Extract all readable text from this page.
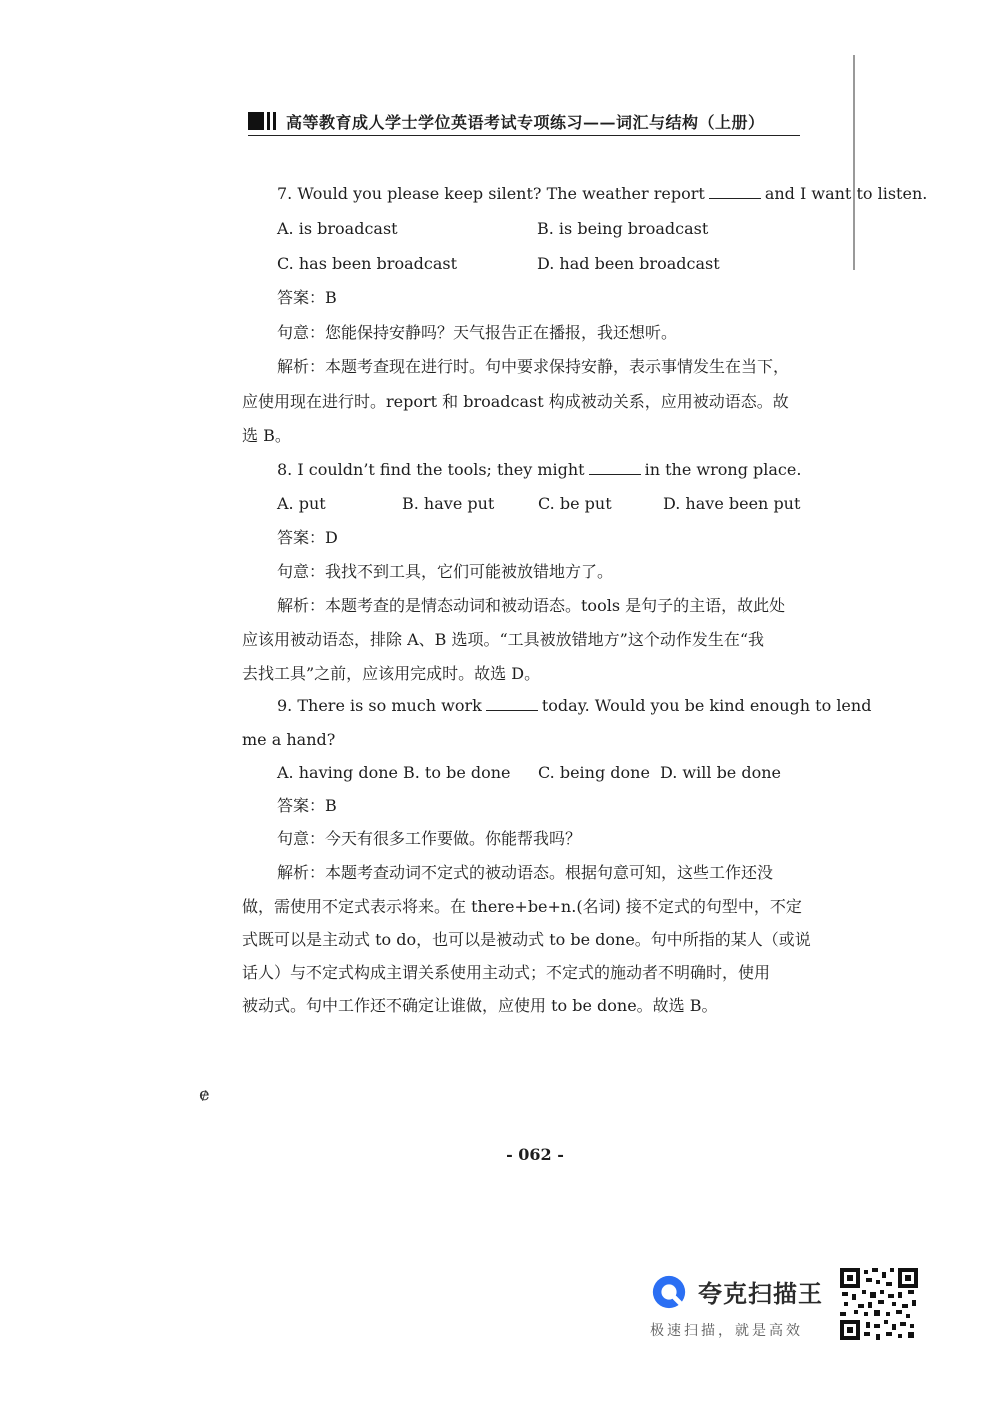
高等教育成人学士学位英语考试专项练习——词汇与结构（上册）
7. Would you please keep silent? The weather report	and I want to listen.
A. is broadcast	B. is being broadcast
C. has been broadcast	D. had been broadcast
答案：B
句意：您能保持安静吗？天气报告正在播报，我还想听。
解析：本题考查现在进行时。句中要求保持安静，表示事情发生在当下，
应使用现在进行时。report 和 broadcast 构成被动关系，应用被动语态。故
选 B。
8. I couldn’t find the tools; they might	in the wrong place.
A. put	B. have put	C. be put	D. have been put
答案：D
句意：我找不到工具，它们可能被放错地方了。
解析：本题考查的是情态动词和被动语态。tools 是句子的主语，故此处
应该用被动语态，排除 A、B 选项。“工具被放错地方”这个动作发生在“我
去找工具”之前，应该用完成时。故选 D。
9. There is so much work	today. Would you be kind enough to lend
me a hand?
A. having done B. to be done C. being done D. will be done
答案：B
句意：今天有很多工作要做。你能帮我吗？
解析：本题考查动词不定式的被动语态。根据句意可知，这些工作还没
做，需使用不定式表示将来。在 there+be+n.(名词) 接不定式的句型中，不定
式既可以是主动式 to do，也可以是被动式 to be done。句中所指的某人（或说
话人）与不定式构成主谓关系使用主动式；不定式的施动者不明确时，使用
被动式。句中工作还不确定让谁做，应使用 to be done。故选 B。
ɇ
- 062 -
夸克扫描王
极速扫描，就是高效
